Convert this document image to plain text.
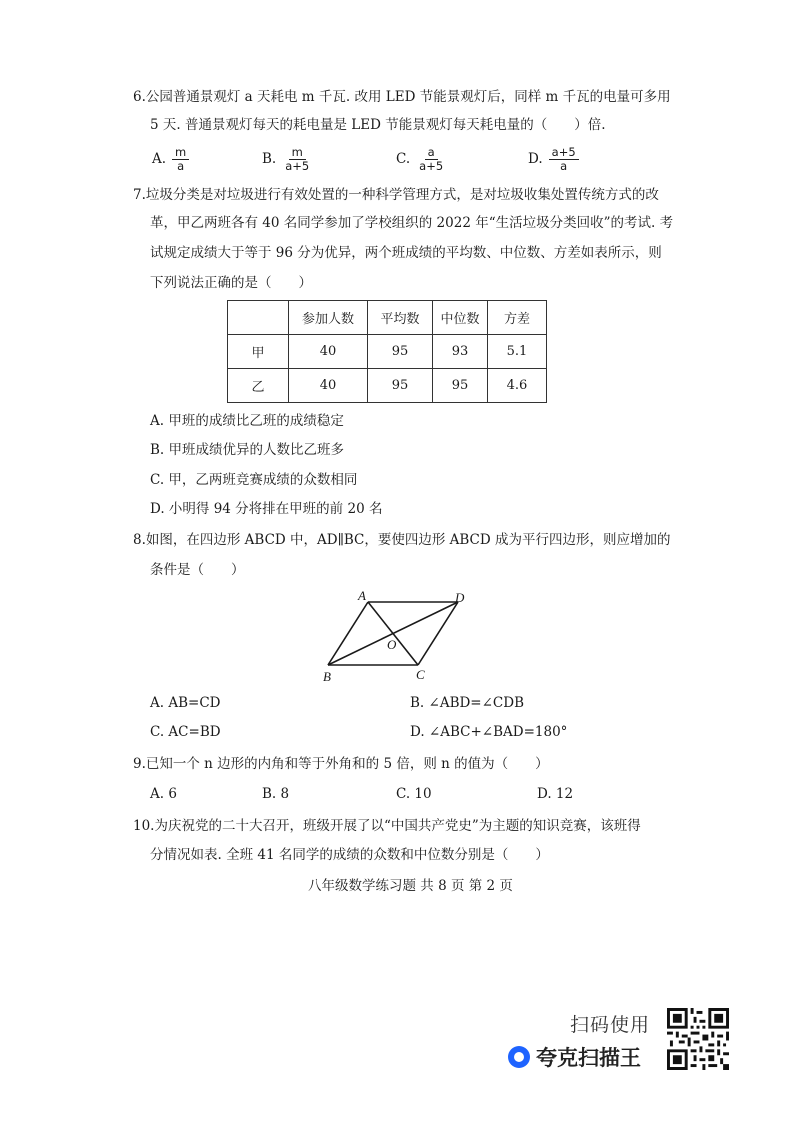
6.公园普通景观灯 a 天耗电 m 千瓦. 改用 LED 节能景观灯后，同样 m 千瓦的电量可多用
5 天. 普通景观灯每天的耗电量是 LED 节能景观灯每天耗电量的（　　）倍.
A. $\frac{m}{a}$	B. $\frac{m}{a+5}$	C. $\frac{a}{a+5}$	D. $\frac{a+5}{a}$
7.垃圾分类是对垃圾进行有效处置的一种科学管理方式，是对垃圾收集处置传统方式的改
革，甲乙两班各有 40 名同学参加了学校组织的 2022 年“生活垃圾分类回收”的考试. 考
试规定成绩大于等于 96 分为优异，两个班成绩的平均数、中位数、方差如表所示，则
下列说法正确的是（　　）
	参加人数	平均数	中位数	方差
甲	40	95	93	5.1
乙	40	95	95	4.6
A. 甲班的成绩比乙班的成绩稳定
B. 甲班成绩优异的人数比乙班多
C. 甲，乙两班竞赛成绩的众数相同
D. 小明得 94 分将排在甲班的前 20 名
8.如图，在四边形 ABCD 中，AD∥BC，要使四边形 ABCD 成为平行四边形，则应增加的
条件是（　　）
A	D
B	C
O
A. AB=CD	B. ∠ABD=∠CDB
C. AC=BD	D. ∠ABC+∠BAD=180°
9.已知一个 n 边形的内角和等于外角和的 5 倍，则 n 的值为（　　）
A. 6	B. 8	C. 10	D. 12
10.为庆祝党的二十大召开，班级开展了以“中国共产党史”为主题的知识竞赛，该班得
分情况如表. 全班 41 名同学的成绩的众数和中位数分别是（　　）
八年级数学练习题 共 8 页 第 2 页
扫码使用
夸克扫描王
